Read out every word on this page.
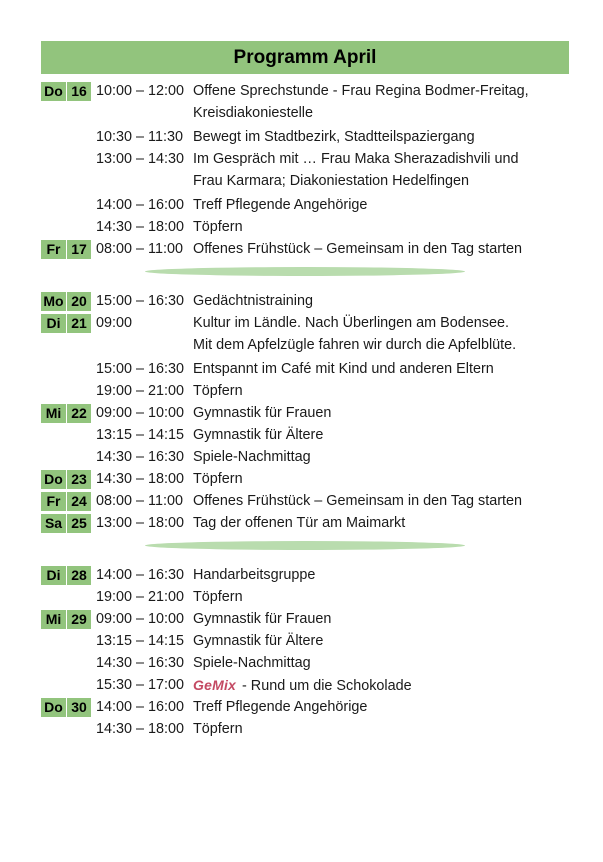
Programm April
Do 16 10:00 – 12:00 Offene Sprechstunde - Frau Regina Bodmer-Freitag,
Kreisdiakoniestelle
10:30 – 11:30 Bewegt im Stadtbezirk, Stadtteilspaziergang
13:00 – 14:30 Im Gespräch mit … Frau Maka Sherazadishvili und
Frau Karmara; Diakoniestation Hedelfingen
14:00 – 16:00 Treff Pflegende Angehörige
14:30 – 18:00 Töpfern
Fr 17 08:00 – 11:00 Offenes Frühstück – Gemeinsam in den Tag starten
Mo 20 15:00 – 16:30 Gedächtnistraining
Di 21 09:00	Kultur im Ländle. Nach Überlingen am Bodensee.
Mit dem Apfelzügle fahren wir durch die Apfelblüte.
15:00 – 16:30 Entspannt im Café mit Kind und anderen Eltern
19:00 – 21:00 Töpfern
Mi 22 09:00 – 10:00 Gymnastik für Frauen
13:15 – 14:15 Gymnastik für Ältere
14:30 – 16:30 Spiele-Nachmittag
Do 23 14:30 – 18:00 Töpfern
Fr 24 08:00 – 11:00 Offenes Frühstück – Gemeinsam in den Tag starten
Sa 25 13:00 – 18:00 Tag der offenen Tür am Maimarkt
Di 28 14:00 – 16:30 Handarbeitsgruppe
19:00 – 21:00 Töpfern
Mi 29 09:00 – 10:00 Gymnastik für Frauen
13:15 – 14:15 Gymnastik für Ältere
14:30 – 16:30 Spiele-Nachmittag
15:30 – 17:00 GeMix - Rund um die Schokolade
Do 30 14:00 – 16:00 Treff Pflegende Angehörige
14:30 – 18:00 Töpfern
